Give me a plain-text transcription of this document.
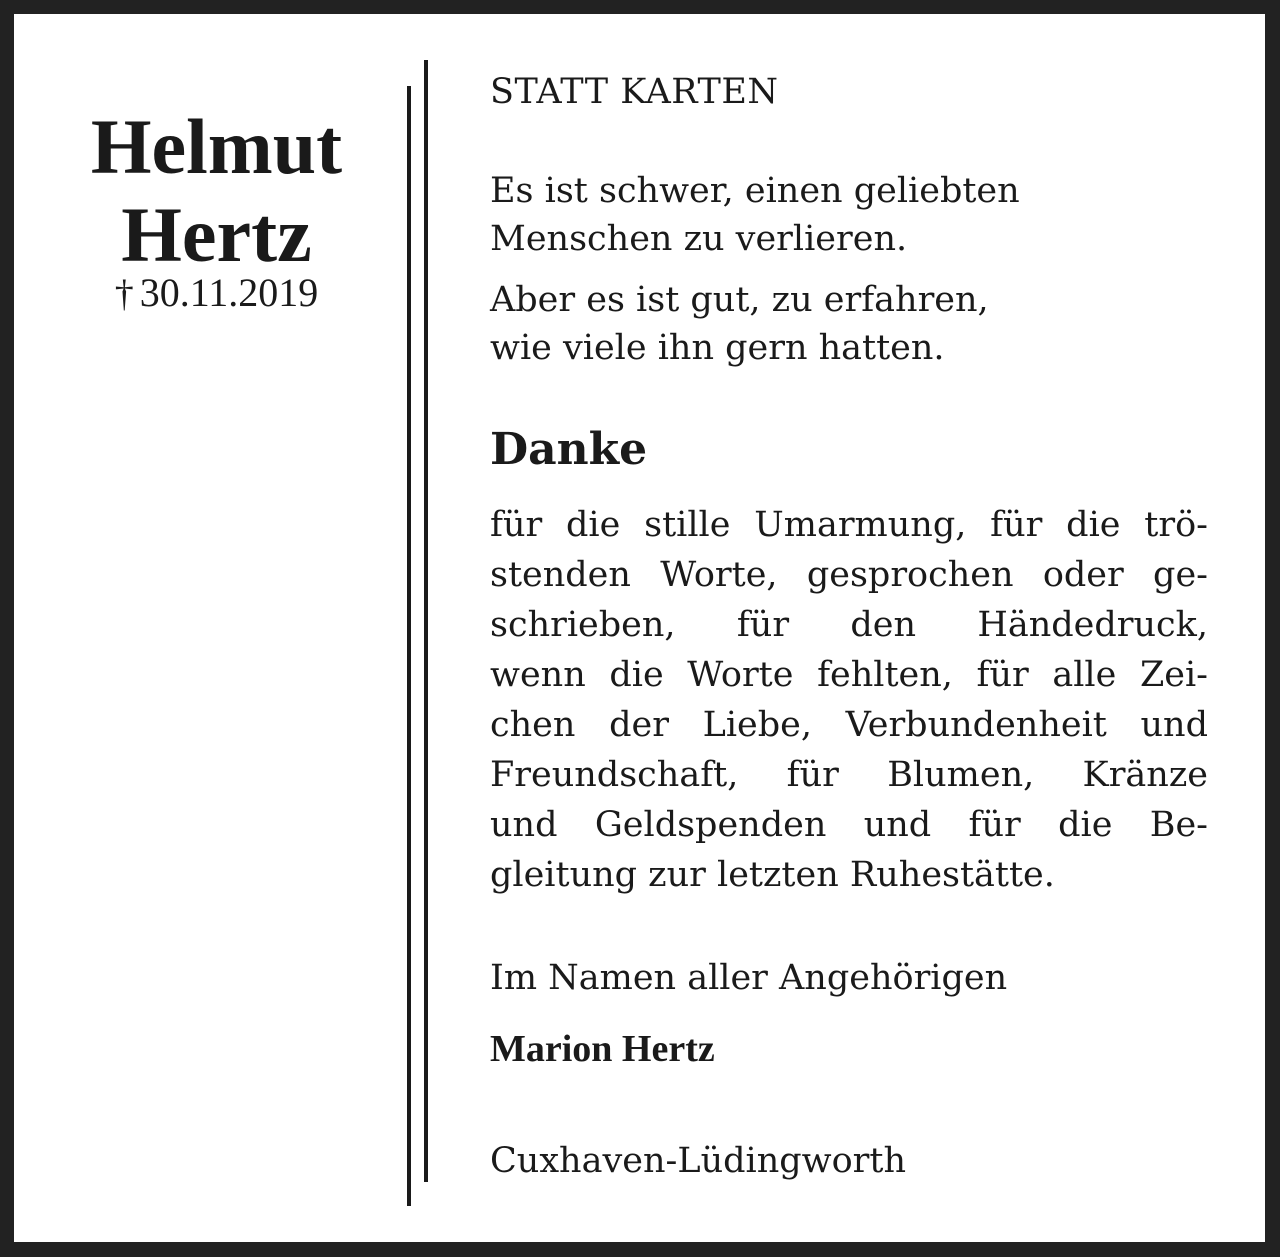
Helmut
Hertz
† 30.11.2019
STATT KARTEN
Es ist schwer, einen geliebten
Menschen zu verlieren.
Aber es ist gut, zu erfahren,
wie viele ihn gern hatten.
Danke
für die stille Umarmung, für die trö-
stenden Worte, gesprochen oder ge-
schrieben, für den Händedruck,
wenn die Worte fehlten, für alle Zei-
chen der Liebe, Verbundenheit und
Freundschaft, für Blumen, Kränze
und Geldspenden und für die Be-
gleitung zur letzten Ruhestätte.
Im Namen aller Angehörigen
Marion Hertz
Cuxhaven-Lüdingworth
